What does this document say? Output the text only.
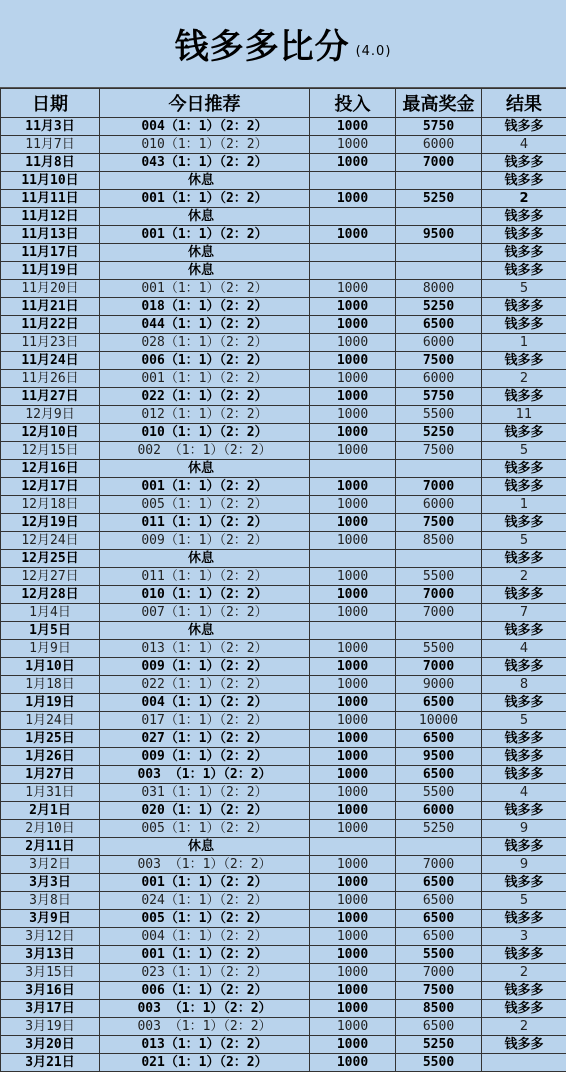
钱多多比分 (4.0)
日期	今日推荐	投入	最高奖金	结果
11月3日	004（1：1）（2：2）	1000	5750	钱多多
11月7日	010（1：1）（2：2）	1000	6000	4
11月8日	043（1：1）（2：2）	1000	7000	钱多多
11月10日	休息			钱多多
11月11日	001（1：1）（2：2）	1000	5250	2
11月12日	休息			钱多多
11月13日	001（1：1）（2：2）	1000	9500	钱多多
11月17日	休息			钱多多
11月19日	休息			钱多多
11月20日	001（1：1）（2：2）	1000	8000	5
11月21日	018（1：1）（2：2）	1000	5250	钱多多
11月22日	044（1：1）（2：2）	1000	6500	钱多多
11月23日	028（1：1）（2：2）	1000	6000	1
11月24日	006（1：1）（2：2）	1000	7500	钱多多
11月26日	001（1：1）（2：2）	1000	6000	2
11月27日	022（1：1）（2：2）	1000	5750	钱多多
12月9日	012（1：1）（2：2）	1000	5500	11
12月10日	010（1：1）（2：2）	1000	5250	钱多多
12月15日	002 （1：1）（2：2）	1000	7500	5
12月16日	休息			钱多多
12月17日	001（1：1）（2：2）	1000	7000	钱多多
12月18日	005（1：1）（2：2）	1000	6000	1
12月19日	011（1：1）（2：2）	1000	7500	钱多多
12月24日	009（1：1）（2：2）	1000	8500	5
12月25日	休息			钱多多
12月27日	011（1：1）（2：2）	1000	5500	2
12月28日	010（1：1）（2：2）	1000	7000	钱多多
1月4日	007（1：1）（2：2）	1000	7000	7
1月5日	休息			钱多多
1月9日	013（1：1）（2：2）	1000	5500	4
1月10日	009（1：1）（2：2）	1000	7000	钱多多
1月18日	022（1：1）（2：2）	1000	9000	8
1月19日	004（1：1）（2：2）	1000	6500	钱多多
1月24日	017（1：1）（2：2）	1000	10000	5
1月25日	027（1：1）（2：2）	1000	6500	钱多多
1月26日	009（1：1）（2：2）	1000	9500	钱多多
1月27日	003 （1：1）（2：2）	1000	6500	钱多多
1月31日	031（1：1）（2：2）	1000	5500	4
2月1日	020（1：1）（2：2）	1000	6000	钱多多
2月10日	005（1：1）（2：2）	1000	5250	9
2月11日	休息			钱多多
3月2日	003 （1：1）（2：2）	1000	7000	9
3月3日	001（1：1）（2：2）	1000	6500	钱多多
3月8日	024（1：1）（2：2）	1000	6500	5
3月9日	005（1：1）（2：2）	1000	6500	钱多多
3月12日	004（1：1）（2：2）	1000	6500	3
3月13日	001（1：1）（2：2）	1000	5500	钱多多
3月15日	023（1：1）（2：2）	1000	7000	2
3月16日	006（1：1）（2：2）	1000	7500	钱多多
3月17日	003 （1：1）（2：2）	1000	8500	钱多多
3月19日	003 （1：1）（2：2）	1000	6500	2
3月20日	013（1：1）（2：2）	1000	5250	钱多多
3月21日	021（1：1）（2：2）	1000	5500	
